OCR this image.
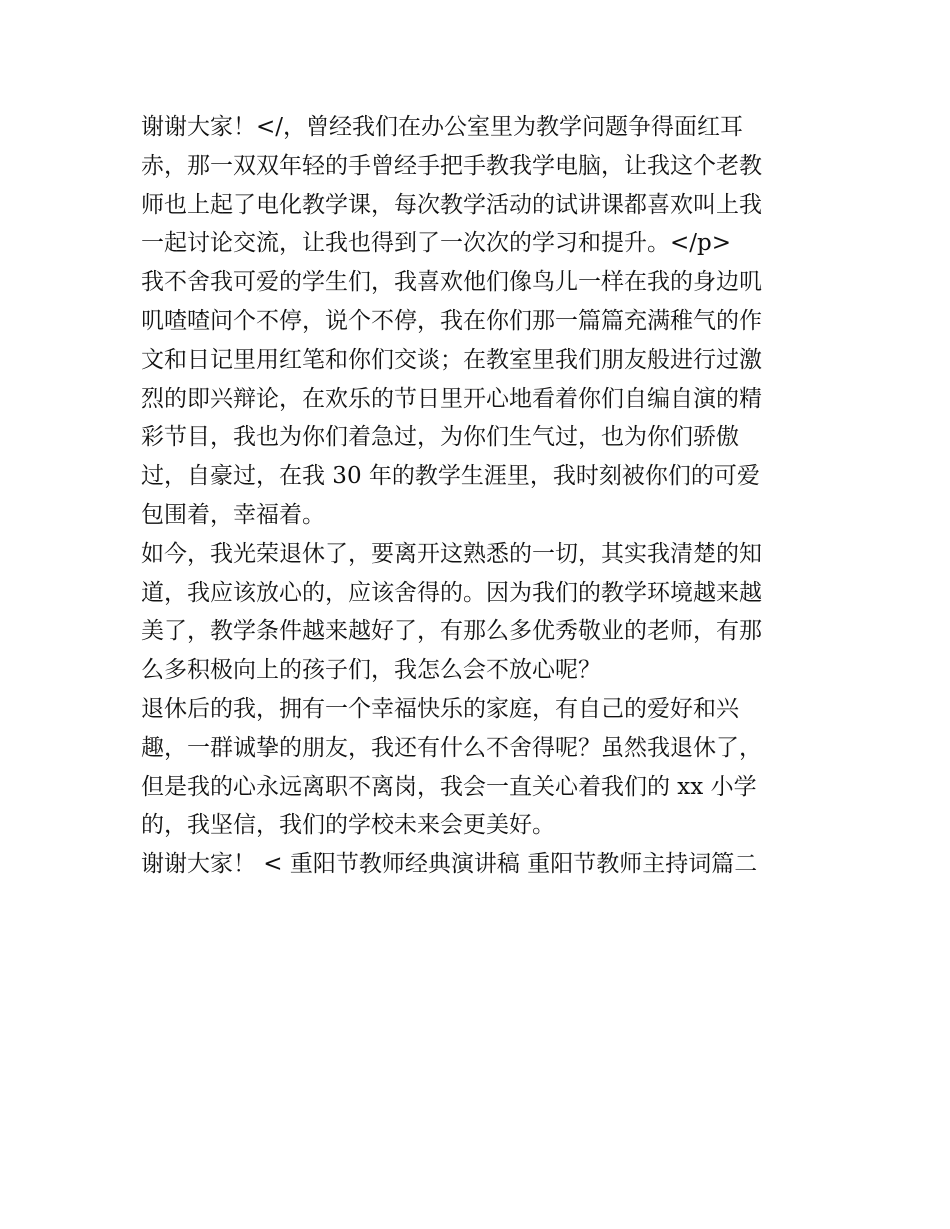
谢谢大家！</，曾经我们在办公室里为教学问题争得面红耳
赤，那一双双年轻的手曾经手把手教我学电脑，让我这个老教
师也上起了电化教学课，每次教学活动的试讲课都喜欢叫上我
一起讨论交流，让我也得到了一次次的学习和提升。</p>
我不舍我可爱的学生们，我喜欢他们像鸟儿一样在我的身边叽
叽喳喳问个不停，说个不停，我在你们那一篇篇充满稚气的作
文和日记里用红笔和你们交谈；在教室里我们朋友般进行过激
烈的即兴辩论，在欢乐的节日里开心地看着你们自编自演的精
彩节目，我也为你们着急过，为你们生气过，也为你们骄傲
过，自豪过，在我 30 年的教学生涯里，我时刻被你们的可爱
包围着，幸福着。
如今，我光荣退休了，要离开这熟悉的一切，其实我清楚的知
道，我应该放心的，应该舍得的。因为我们的教学环境越来越
美了，教学条件越来越好了，有那么多优秀敬业的老师，有那
么多积极向上的孩子们，我怎么会不放心呢？
退休后的我，拥有一个幸福快乐的家庭，有自己的爱好和兴
趣，一群诚挚的朋友，我还有什么不舍得呢？虽然我退休了，
但是我的心永远离职不离岗，我会一直关心着我们的 xx 小学
的，我坚信，我们的学校未来会更美好。
谢谢大家！ < 重阳节教师经典演讲稿 重阳节教师主持词篇二
